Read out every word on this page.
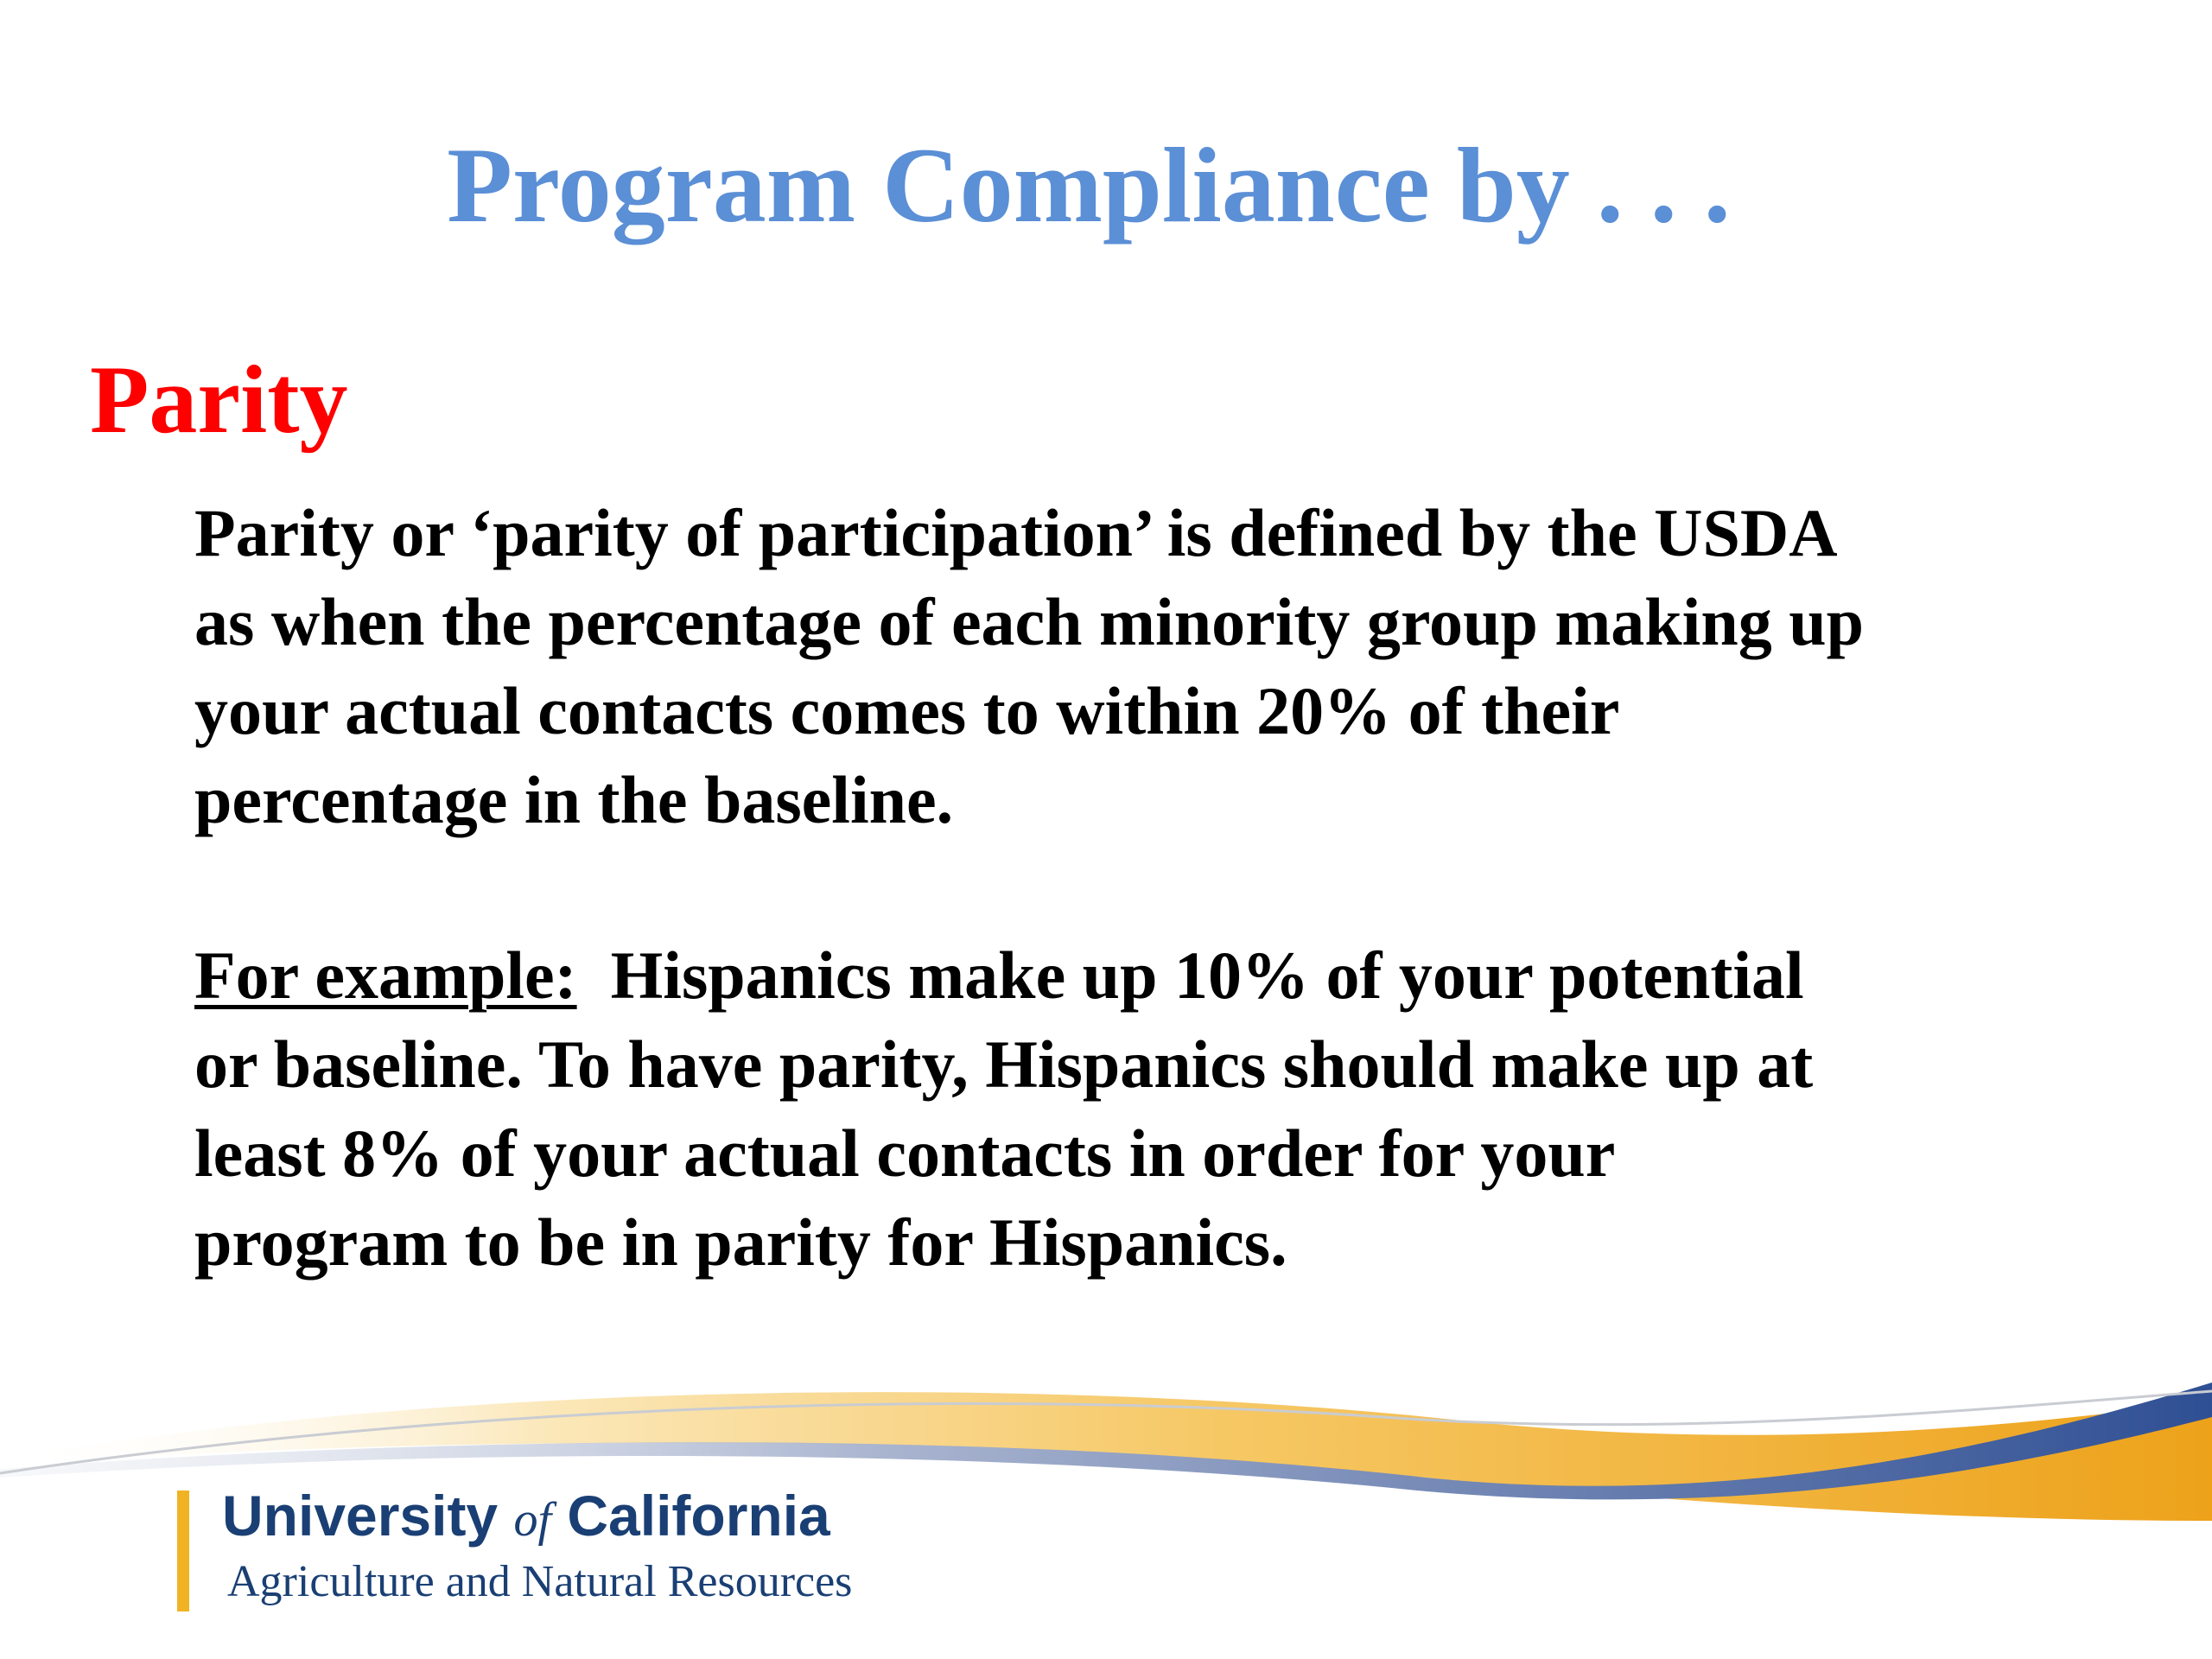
Program Compliance by . . .
Parity
Parity or ‘parity of participation’ is defined by the USDA
as when the percentage of each minority group making up
your actual contacts comes to within 20% of their
percentage in the baseline.
For example: Hispanics make up 10% of your potential
or baseline. To have parity, Hispanics should make up at
least 8% of your actual contacts in order for your
program to be in parity for Hispanics.
University of California
Agriculture and Natural Resources
